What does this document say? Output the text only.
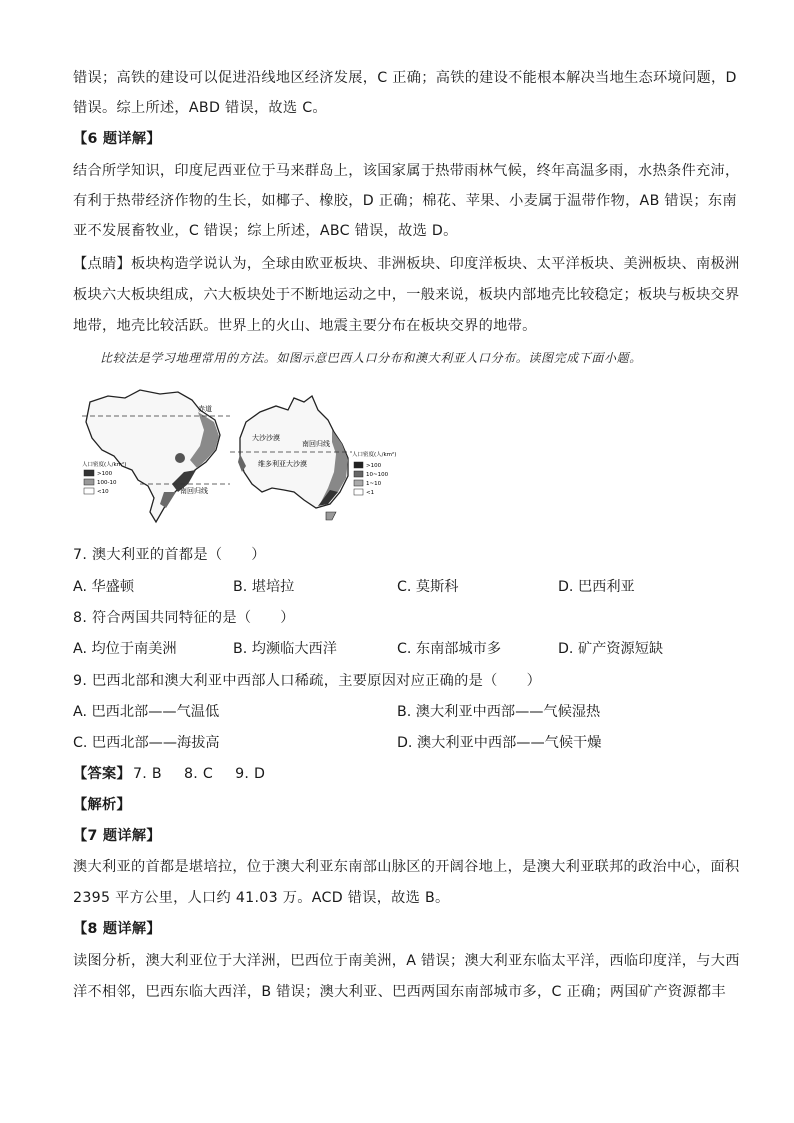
错误；高铁的建设可以促进沿线地区经济发展，C 正确；高铁的建设不能根本解决当地生态环境问题，D
错误。综上所述，ABD 错误，故选 C。
【6 题详解】
结合所学知识，印度尼西亚位于马来群岛上，该国家属于热带雨林气候，终年高温多雨，水热条件充沛，
有利于热带经济作物的生长，如椰子、橡胶，D 正确；棉花、苹果、小麦属于温带作物，AB 错误；东南
亚不发展畜牧业，C 错误；综上所述，ABC 错误，故选 D。
【点睛】板块构造学说认为，全球由欧亚板块、非洲板块、印度洋板块、太平洋板块、美洲板块、南极洲
板块六大板块组成，六大板块处于不断地运动之中，一般来说，板块内部地壳比较稳定；板块与板块交界
地带，地壳比较活跃。世界上的火山、地震主要分布在板块交界的地带。
比较法是学习地理常用的方法。如图示意巴西人口分布和澳大利亚人口分布。读图完成下面小题。
赤道
南回归线
人口密度(人/km²)
>100
100-10
<10
大沙沙漠
南回归线
维多利亚大沙漠
人口密度(人/km²)
>100
10~100
1~10
<1
7. 澳大利亚的首都是（　　）
A. 华盛顿	B. 堪培拉	C. 莫斯科	D. 巴西利亚
8. 符合两国共同特征的是（　　）
A. 均位于南美洲	B. 均濒临大西洋	C. 东南部城市多	D. 矿产资源短缺
9. 巴西北部和澳大利亚中西部人口稀疏，主要原因对应正确的是（　　）
A. 巴西北部——气温低	B. 澳大利亚中西部——气候湿热
C. 巴西北部——海拔高	D. 澳大利亚中西部——气候干燥
【答案】 7. B 8. C 9. D
【解析】
【7 题详解】
澳大利亚的首都是堪培拉，位于澳大利亚东南部山脉区的开阔谷地上，是澳大利亚联邦的政治中心，面积
2395 平方公里，人口约 41.03 万。ACD 错误，故选 B。
【8 题详解】
读图分析，澳大利亚位于大洋洲，巴西位于南美洲，A 错误；澳大利亚东临太平洋，西临印度洋，与大西
洋不相邻，巴西东临大西洋，B 错误；澳大利亚、巴西两国东南部城市多，C 正确；两国矿产资源都丰
